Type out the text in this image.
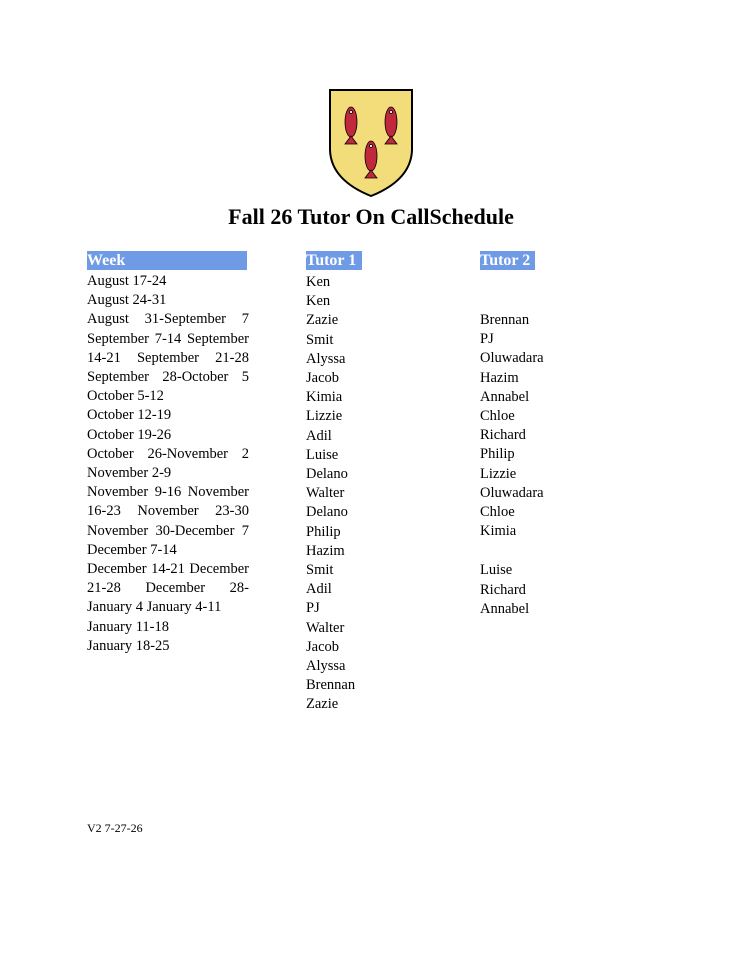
Fall 26 Tutor On CallSchedule
Week	Tutor 1	Tutor 2
August 17-24
August 24-31
August 31-September 7
September 7-14 September
14-21 September 21-28
September 28-October 5
October 5-12
October 12-19
October 19-26
October 26-November 2
November 2-9
November 9-16 November
16-23 November 23-30
November 30-December 7
December 7-14
December 14-21 December
21-28 December 28-
January 4 January 4-11
January 11-18
January 18-25
Ken
Ken
Zazie
Smit
Alyssa
Jacob
Kimia
Lizzie
Adil
Luise
Delano
Walter
Delano
Philip
Hazim
Smit
Adil
PJ
Walter
Jacob
Alyssa
Brennan
Zazie
Brennan
PJ
Oluwadara
Hazim
Annabel
Chloe
Richard
Philip
Lizzie
Oluwadara
Chloe
Kimia
Luise
Richard
Annabel
V2 7-27-26
